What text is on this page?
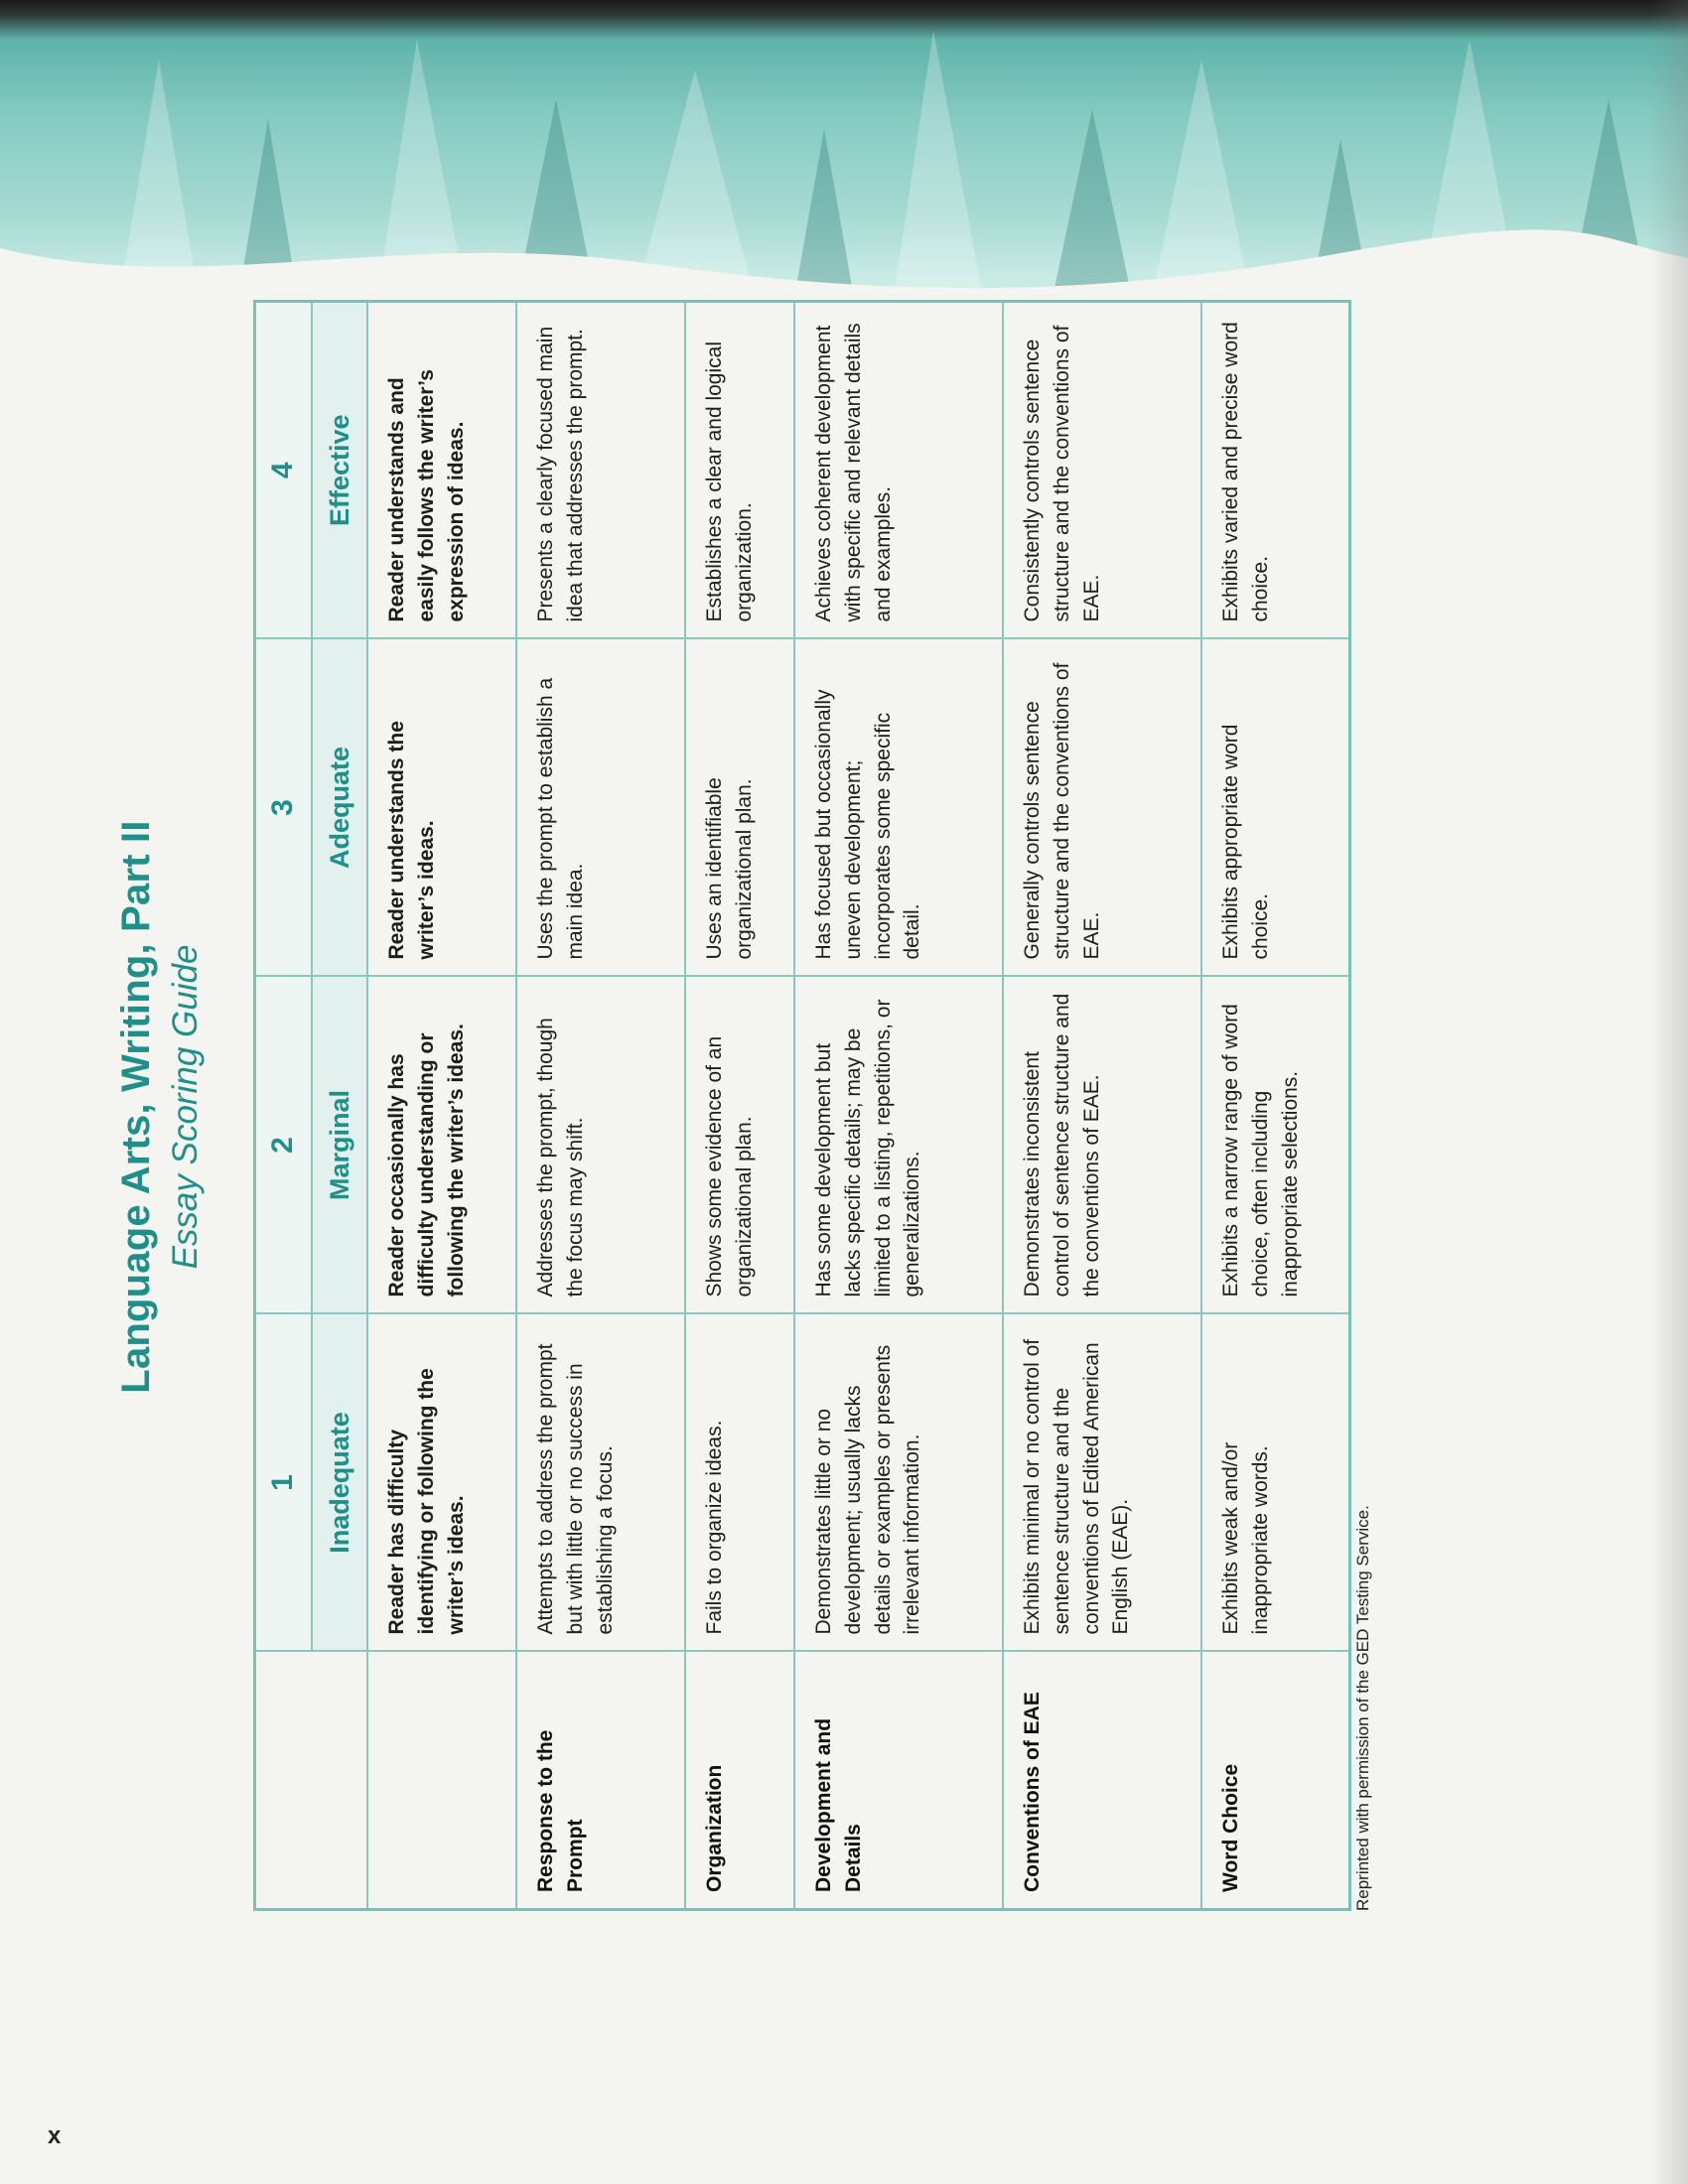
Language Arts, Writing, Part II Essay Scoring Guide
	1	2	3	4
	Inadequate	Marginal	Adequate	Effective
	Reader has difficulty identifying or following the writer’s ideas.	Reader occasionally has difficulty understanding or following the writer’s ideas.	Reader understands the writer’s ideas.	Reader understands and easily follows the writer’s expression of ideas.
Response to the Prompt	Attempts to address the prompt but with little or no success in establishing a focus.	Addresses the prompt, though the focus may shift.	Uses the prompt to establish a main idea.	Presents a clearly focused main idea that addresses the prompt.
Organization	Fails to organize ideas.	Shows some evidence of an organizational plan.	Uses an identifiable organizational plan.	Establishes a clear and logical organization.
Development and Details	Demonstrates little or no development; usually lacks details or examples or presents irrelevant information.	Has some development but lacks specific details; may be limited to a listing, repetitions, or generalizations.	Has focused but occasionally uneven development; incorporates some specific detail.	Achieves coherent development with specific and relevant details and examples.
Conventions of EAE	Exhibits minimal or no control of sentence structure and the conventions of Edited American English (EAE).	Demonstrates inconsistent control of sentence structure and the conventions of EAE.	Generally controls sentence structure and the conventions of EAE.	Consistently controls sentence structure and the conventions of EAE.
Word Choice	Exhibits weak and/or inappropriate words.	Exhibits a narrow range of word choice, often including inappropriate selections.	Exhibits appropriate word choice.	Exhibits varied and precise word choice.
Reprinted with permission of the GED Testing Service.
x
